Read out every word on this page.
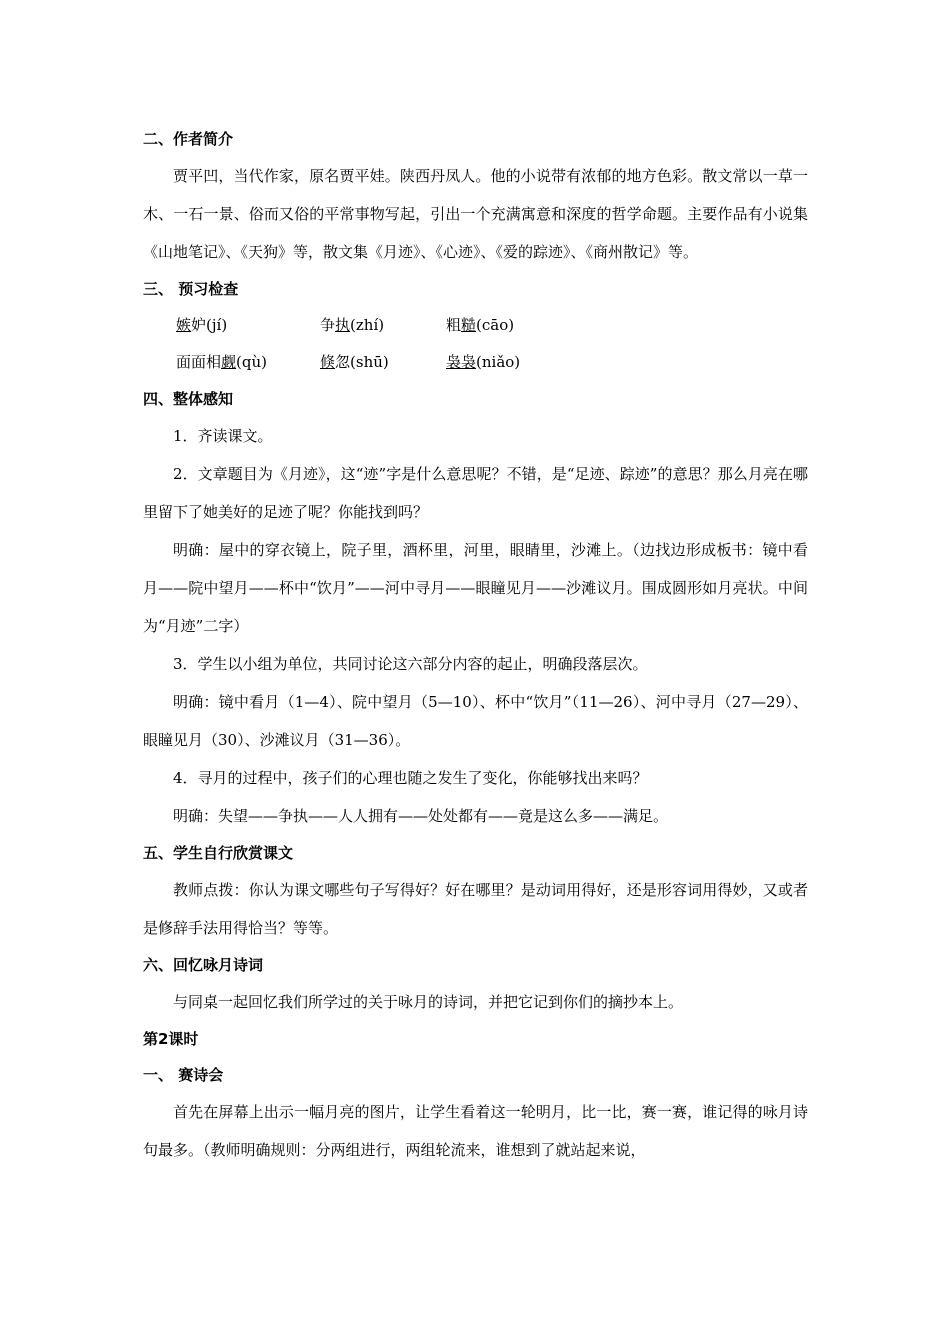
二、作者简介

贾平凹，当代作家，原名贾平娃。陕西丹凤人。他的小说带有浓郁的地方色彩。散文常以一草一木、一石一景、俗而又俗的平常事物写起，引出一个充满寓意和深度的哲学命题。主要作品有小说集《山地笔记》、《天狗》等，散文集《月迹》、《心迹》、《爱的踪迹》、《商州散记》等。

三、 预习检查
嫉妒(jí)	争执(zhí)	粗糙(cāo)
面面相觑(qù)	倏忽(shū)	袅袅(niǎo)
四、整体感知

1．齐读课文。

2．文章题目为《月迹》，这“迹”字是什么意思呢？不错，是“足迹、踪迹”的意思？那么月亮在哪里留下了她美好的足迹了呢？你能找到吗？

明确：屋中的穿衣镜上，院子里，酒杯里，河里，眼睛里，沙滩上。（边找边形成板书：镜中看月——院中望月——杯中“饮月”——河中寻月——眼瞳见月——沙滩议月。围成圆形如月亮状。中间为“月迹”二字）

3．学生以小组为单位，共同讨论这六部分内容的起止，明确段落层次。

明确：镜中看月（1—4）、院中望月（5—10）、杯中“饮月”（11—26）、河中寻月（27—29）、眼瞳见月（30）、沙滩议月（31—36）。

4．寻月的过程中，孩子们的心理也随之发生了变化，你能够找出来吗？

明确：失望——争执——人人拥有——处处都有——竟是这么多——满足。

五、学生自行欣赏课文

教师点拨：你认为课文哪些句子写得好？好在哪里？是动词用得好，还是形容词用得妙，又或者是修辞手法用得恰当？等等。

六、回忆咏月诗词

与同桌一起回忆我们所学过的关于咏月的诗词，并把它记到你们的摘抄本上。

第2课时
一、 赛诗会

首先在屏幕上出示一幅月亮的图片，让学生看着这一轮明月，比一比，赛一赛，谁记得的咏月诗句最多。（教师明确规则：分两组进行，两组轮流来，谁想到了就站起来说，
